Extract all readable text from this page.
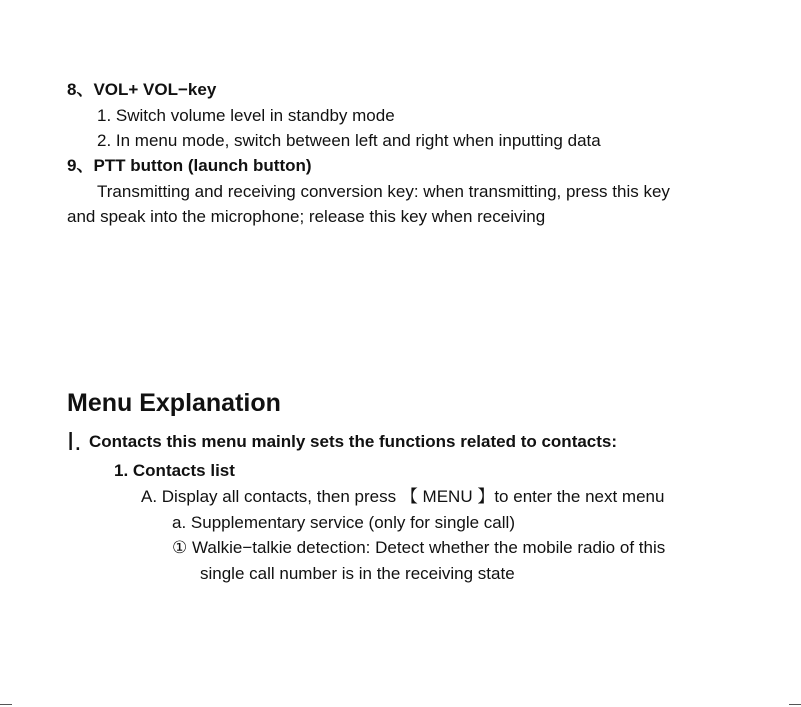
8、VOL+ VOL−key
1. Switch volume level in standby mode
2. In menu mode, switch between left and right when inputting data
9、PTT button (launch button)
Transmitting and receiving conversion key: when transmitting, press this key
and speak into the microphone; release this key when receiving
Menu Explanation
I. Contacts this menu mainly sets the functions related to contacts:
1. Contacts list
A. Display all contacts, then press 【 MENU 】to enter the next menu
a. Supplementary service (only for single call)
① Walkie−talkie detection: Detect whether the mobile radio of this
single call number is in the receiving state
